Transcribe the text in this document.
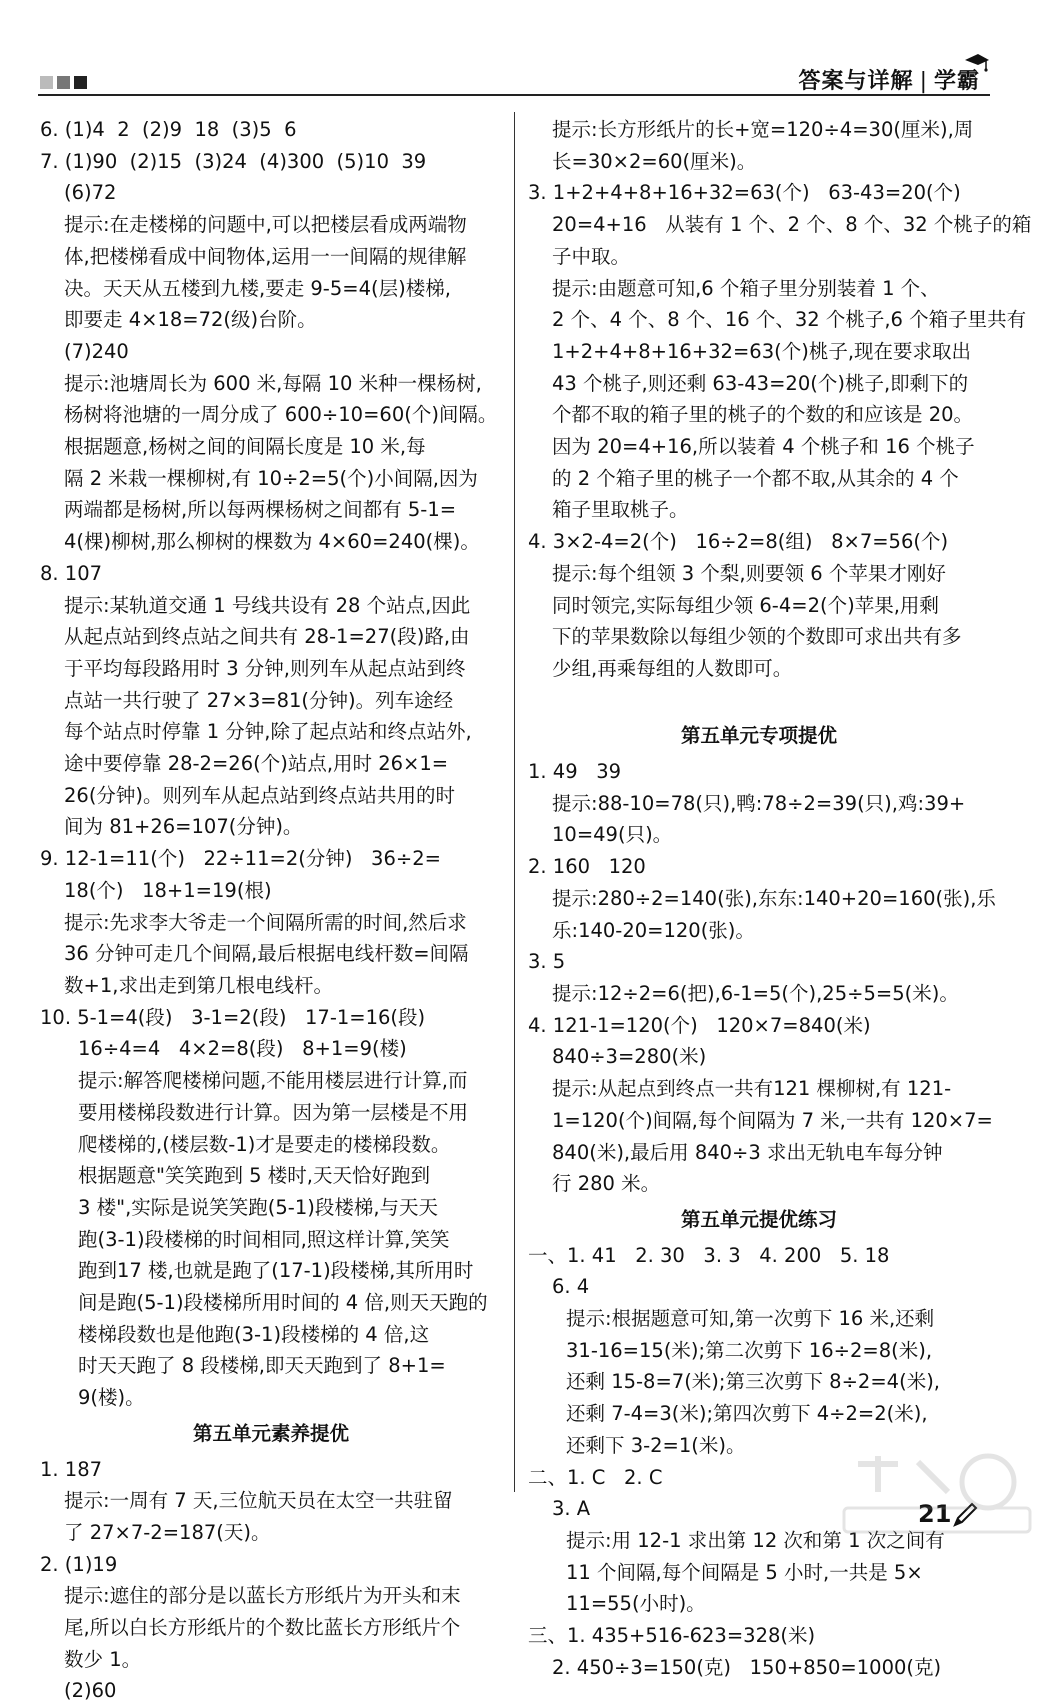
答案与详解 | 学霸
6. (1)4  2  (2)9  18  (3)5  6
7. (1)90  (2)15  (3)24  (4)300  (5)10  39
(6)72
提示:在走楼梯的问题中,可以把楼层看成两端物
体,把楼梯看成中间物体,运用一一间隔的规律解
决。天天从五楼到九楼,要走 9-5=4(层)楼梯,
即要走 4×18=72(级)台阶。
(7)240
提示:池塘周长为 600 米,每隔 10 米种一棵杨树,
杨树将池塘的一周分成了 600÷10=60(个)间隔。
根据题意,杨树之间的间隔长度是 10 米,每
隔 2 米栽一棵柳树,有 10÷2=5(个)小间隔,因为
两端都是杨树,所以每两棵杨树之间都有 5-1=
4(棵)柳树,那么柳树的棵数为 4×60=240(棵)。
8. 107
提示:某轨道交通 1 号线共设有 28 个站点,因此
从起点站到终点站之间共有 28-1=27(段)路,由
于平均每段路用时 3 分钟,则列车从起点站到终
点站一共行驶了 27×3=81(分钟)。列车途经
每个站点时停靠 1 分钟,除了起点站和终点站外,
途中要停靠 28-2=26(个)站点,用时 26×1=
26(分钟)。则列车从起点站到终点站共用的时
间为 81+26=107(分钟)。
9. 12-1=11(个)   22÷11=2(分钟)   36÷2=
18(个)   18+1=19(根)
提示:先求李大爷走一个间隔所需的时间,然后求
36 分钟可走几个间隔,最后根据电线杆数=间隔
数+1,求出走到第几根电线杆。
10. 5-1=4(段)   3-1=2(段)   17-1=16(段)
16÷4=4   4×2=8(段)   8+1=9(楼)
提示:解答爬楼梯问题,不能用楼层进行计算,而
要用楼梯段数进行计算。因为第一层楼是不用
爬楼梯的,(楼层数-1)才是要走的楼梯段数。
根据题意"笑笑跑到 5 楼时,天天恰好跑到
3 楼",实际是说笑笑跑(5-1)段楼梯,与天天
跑(3-1)段楼梯的时间相同,照这样计算,笑笑
跑到17 楼,也就是跑了(17-1)段楼梯,其所用时
间是跑(5-1)段楼梯所用时间的 4 倍,则天天跑的
楼梯段数也是他跑(3-1)段楼梯的 4 倍,这
时天天跑了 8 段楼梯,即天天跑到了 8+1=
9(楼)。
第五单元素养提优
1. 187
提示:一周有 7 天,三位航天员在太空一共驻留
了 27×7-2=187(天)。
2. (1)19
提示:遮住的部分是以蓝长方形纸片为开头和末
尾,所以白长方形纸片的个数比蓝长方形纸片个
数少 1。
(2)60
提示:长方形纸片的长+宽=120÷4=30(厘米),周
长=30×2=60(厘米)。
3. 1+2+4+8+16+32=63(个)   63-43=20(个)
20=4+16   从装有 1 个、2 个、8 个、32 个桃子的箱
子中取。
提示:由题意可知,6 个箱子里分别装着 1 个、
2 个、4 个、8 个、16 个、32 个桃子,6 个箱子里共有
1+2+4+8+16+32=63(个)桃子,现在要求取出
43 个桃子,则还剩 63-43=20(个)桃子,即剩下的
个都不取的箱子里的桃子的个数的和应该是 20。
因为 20=4+16,所以装着 4 个桃子和 16 个桃子
的 2 个箱子里的桃子一个都不取,从其余的 4 个
箱子里取桃子。
4. 3×2-4=2(个)   16÷2=8(组)   8×7=56(个)
提示:每个组领 3 个梨,则要领 6 个苹果才刚好
同时领完,实际每组少领 6-4=2(个)苹果,用剩
下的苹果数除以每组少领的个数即可求出共有多
少组,再乘每组的人数即可。

第五单元专项提优
1. 49   39
提示:88-10=78(只),鸭:78÷2=39(只),鸡:39+
10=49(只)。
2. 160   120
提示:280÷2=140(张),东东:140+20=160(张),乐
乐:140-20=120(张)。
3. 5
提示:12÷2=6(把),6-1=5(个),25÷5=5(米)。
4. 121-1=120(个)   120×7=840(米)
840÷3=280(米)
提示:从起点到终点一共有121 棵柳树,有 121-
1=120(个)间隔,每个间隔为 7 米,一共有 120×7=
840(米),最后用 840÷3 求出无轨电车每分钟
行 280 米。
第五单元提优练习
一、1. 41   2. 30   3. 3   4. 200   5. 18
6. 4
提示:根据题意可知,第一次剪下 16 米,还剩
31-16=15(米);第二次剪下 16÷2=8(米),
还剩 15-8=7(米);第三次剪下 8÷2=4(米),
还剩 7-4=3(米);第四次剪下 4÷2=2(米),
还剩下 3-2=1(米)。
二、1. C   2. C
3. A
提示:用 12-1 求出第 12 次和第 1 次之间有
11 个间隔,每个间隔是 5 小时,一共是 5×
11=55(小时)。
三、1. 435+516-623=328(米)
2. 450÷3=150(克)   150+850=1000(克)
21
